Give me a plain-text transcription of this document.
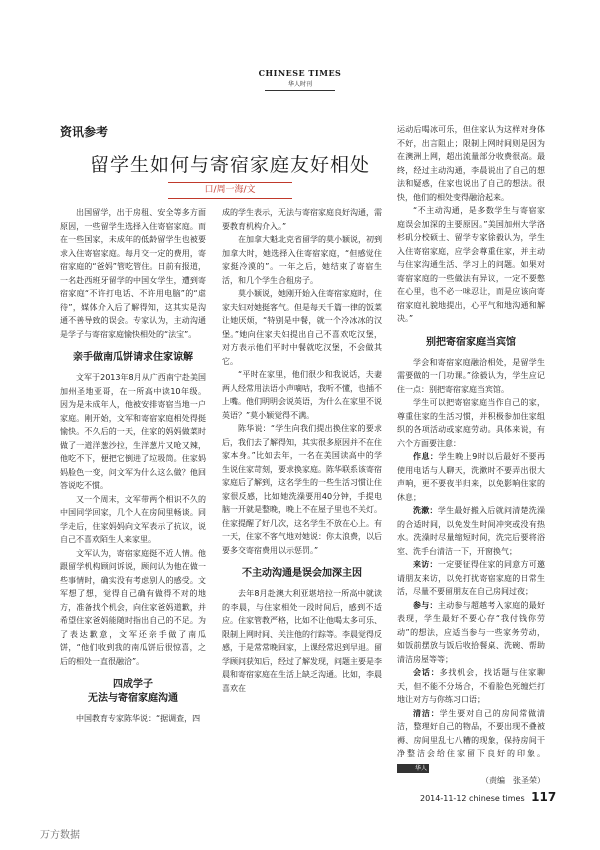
CHINESE TIMES
华人时刊
资讯参考
留学生如何与寄宿家庭友好相处
口/周一海/文

出国留学，出于房租、安全等多方面原因，一些留学生选择入住寄宿家庭。而在一些国家，未成年的低龄留学生也被要求入住寄宿家庭。每月交一定的费用，寄宿家庭的“爸妈”管吃管住。日前有报道，一名赴西班牙留学的中国女学生，遭到寄宿家庭“不许打电话、不许用电脑”的“虐待”，媒体介入后了解得知，这其实是沟通不善导致的误会。专家认为，主动沟通是学子与寄宿家庭愉快相处的“法宝”。

亲手做南瓜饼请求住家谅解

文军于2013年8月从广西南宁赴美国加州圣地亚哥，在一所高中读10年级。因为是未成年人，他被安排寄宿当地一户家庭。刚开始，文军和寄宿家庭相处得挺愉快。不久后的一天，住家的妈妈做菜时做了一道洋葱沙拉，生洋葱片又呛又辣，他吃不下，便把它倒进了垃圾筒。住家妈妈脸色一变，问文军为什么这么做？他回答说吃不惯。

又一个周末，文军带两个相识不久的中国同学回家，几个人在房间里畅谈。同学走后，住家妈妈向文军表示了抗议，说自己不喜欢陌生人来家里。

文军认为，寄宿家庭挺不近人情。他跟留学机构顾问诉说，顾问认为他在做一些事情时，确实没有考虑别人的感受。文军想了想，觉得自己确有做得不对的地方，准备找个机会，向住家爸妈道歉，并希望住家爸妈能随时指出自己的不足。为了表达歉意，文军还亲手做了南瓜饼，“他们收到我的南瓜饼后很惊喜，之后的相处一直很融洽”。

四成学子

无法与寄宿家庭沟通

中国教育专家陈华说：“据调查，四

成的学生表示，无法与寄宿家庭良好沟通，需要教育机构介入。”

在加拿大魁北克省留学的莫小颖说，初到加拿大时，她选择入住寄宿家庭，“但感觉住家挺冷漠的”。一年之后，她结束了寄宿生活，和几个学生合租房子。

莫小颖说，她刚开始入住寄宿家庭时，住家夫妇对她挺客气。但是每天千篇一律的饭菜让她厌烦，“特别是中餐，就一个冷冰冰的汉堡。”她向住家夫妇提出自己不喜欢吃汉堡，对方表示他们平时中餐就吃汉堡，不会做其它。

“平时在家里，他们很少和我说话，夫妻两人经常用法语小声嘀咕，我听不懂，也插不上嘴。他们明明会说英语，为什么在家里不说英语？”莫小颖觉得不满。

陈华说：“学生向我们提出换住家的要求后，我们去了解得知，其实很多原因并不在住家本身。”比如去年，一名在美国读高中的学生说住家苛刻，要求换家庭。陈华联系该寄宿家庭后了解到，这名学生的一些生活习惯让住家很反感，比如她洗澡要用40分钟，手提电脑一开就是整晚，晚上不在屋子里也不关灯。住家提醒了好几次，这名学生不放在心上。有一天，住家不客气地对她说：你太浪费，以后要多交寄宿费用以示惩罚。”

不主动沟通是误会加深主因

去年8月赴澳大利亚堪培拉一所高中就读的李晨，与住家相处一段时间后，感到不适应。住家管教严格，比如不让他喝太多可乐、限制上网时间、关注他的行踪等。李晨觉得反感，于是常常晚回家，上课经常迟到早退。留学顾问获知后，经过了解发现，问题主要是李晨和寄宿家庭在生活上缺乏沟通。比如，李晨喜欢在

运动后喝冰可乐，但住家认为这样对身体不好，出言阻止；限制上网时间则是因为在澳洲上网，超出流量部分收费很高。最终，经过主动沟通，李晨说出了自己的想法和疑惑，住家也说出了自己的想法。很快，他们的相处变得融洽起来。

“不主动沟通，是多数学生与寄宿家庭误会加深的主要原因。”美国加州大学洛杉矶分校硕士、留学专家徐毅认为，学生入住寄宿家庭，应学会尊重住家，并主动与住家沟通生活、学习上的问题。如果对寄宿家庭的一些做法有异议，一定不要憋在心里，也不必一味忍让，而是应该向寄宿家庭礼貌地提出，心平气和地沟通和解决。”

别把寄宿家庭当宾馆

学会和寄宿家庭融洽相处，是留学生需要做的一门功课。”徐毅认为，学生应记住一点：别把寄宿家庭当宾馆。

学生可以把寄宿家庭当作自己的家，尊重住家的生活习惯，并积极参加住家组织的各项活动或家庭劳动。具体来说，有六个方面要注意：

作息：学生晚上9时以后最好不要再使用电话与人聊天，洗漱时不要弄出很大声响，更不要夜半归来，以免影响住家的休息；

洗漱：学生最好搬入后就问清楚洗澡的合适时间，以免发生时间冲突或没有热水。洗澡时尽量缩短时间，洗完后要将浴室、洗手台清洁一下，开窗换气；

来访：一定要征得住家的同意方可邀请朋友来访，以免打扰寄宿家庭的日常生活，尽量不要留朋友在自己房间过夜；

参与：主动参与超越考入家庭的最好表现，学生最好不要心存“我付钱你劳动”的想法，应适当参与一些家务劳动，如饭前摆放与饭后收拾餐桌、洗碗、帮助清洁房屋等等；

会话：多找机会，找话题与住家聊天，但不能不分场合，不看脸色死缠烂打地让对方与你练习口语；

清洁：学生要对自己的房间常做清洁，整理好自己的物品，不要出现不叠被褥、房间里乱七八糟的现象，保持房间干净整洁会给住家留下良好的印象。华人

（责编　张圣荣）

2014-11-12 chinese times 117
万方数据
